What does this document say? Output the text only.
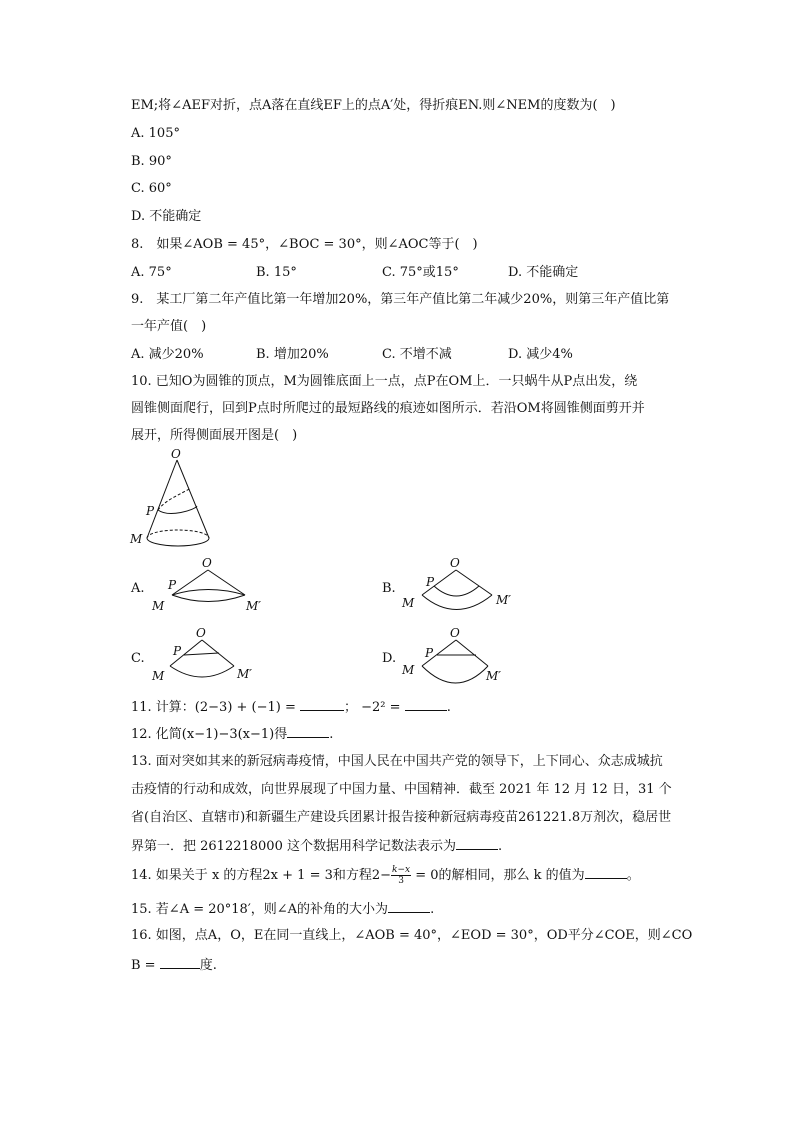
EM;将∠AEF对折，点A落在直线EF上的点A′处，得折痕EN.则∠NEM的度数为(　)
A. 105°
B. 90°
C. 60°
D. 不能确定
8.　如果∠AOB = 45°，∠BOC = 30°，则∠AOC等于(　)
A. 75°	B. 15°	C. 75°或15°	D. 不能确定
9.　某工厂第二年产值比第一年增加20%，第三年产值比第二年减少20%，则第三年产值比第
一年产值(　)
A. 减少20%	B. 增加20%	C. 不增不减	D. 减少4%
10. 已知O为圆锥的顶点，M为圆锥底面上一点，点P在OM上．一只蜗牛从P点出发，绕
圆锥侧面爬行，回到P点时所爬过的最短路线的痕迹如图所示．若沿OM将圆锥侧面剪开并
展开，所得侧面展开图是(　)
O
P
M
A.
O
P
M	M′
B.
O
P
M	M′
C.
O
P
M	M′
D.
O
P
M	M′
11. 计算：(2−3) + (−1) =	； −2² =	.
12. 化简(x−1)−3(x−1)得	.
13. 面对突如其来的新冠病毒疫情，中国人民在中国共产党的领导下，上下同心、众志成城抗
击疫情的行动和成效，向世界展现了中国力量、中国精神．截至 2021 年 12 月 12 日，31 个
省(自治区、直辖市)和新疆生产建设兵团累计报告接种新冠病毒疫苗261221.8万剂次，稳居世
界第一．把 2612218000 这个数据用科学记数法表示为	.
14. 如果关于 x 的方程2x + 1 = 3和方程$2- \frac{k-x}{3} = 0$的解相同，那么 k 的值为	。
15. 若∠A = 20°18′，则∠A的补角的大小为	.
16. 如图，点A，O，E在同一直线上，∠AOB = 40°，∠EOD = 30°，OD平分∠COE，则∠CO
B =	度.
